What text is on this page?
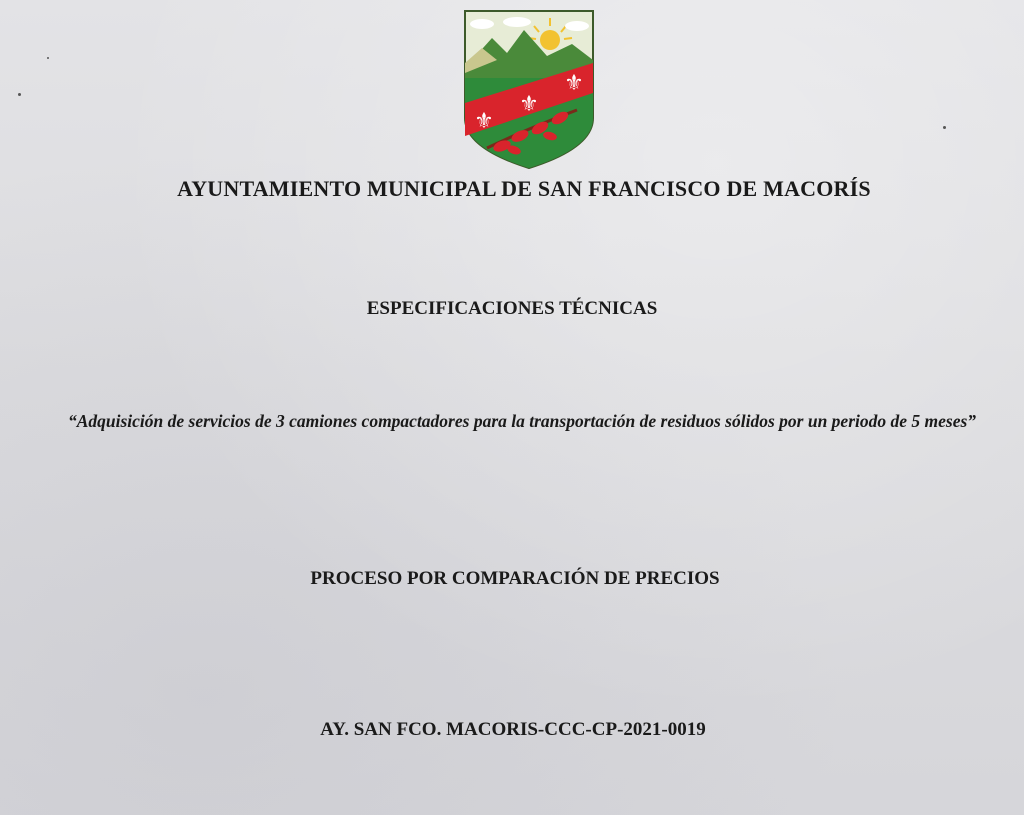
⚜
⚜
⚜
AYUNTAMIENTO MUNICIPAL DE SAN FRANCISCO DE MACORÍS
ESPECIFICACIONES TÉCNICAS
“Adquisición de servicios de 3 camiones compactadores para la transportación de residuos sólidos por un periodo de 5 meses”
PROCESO POR COMPARACIÓN DE PRECIOS
AY. SAN FCO. MACORIS-CCC-CP-2021-0019
